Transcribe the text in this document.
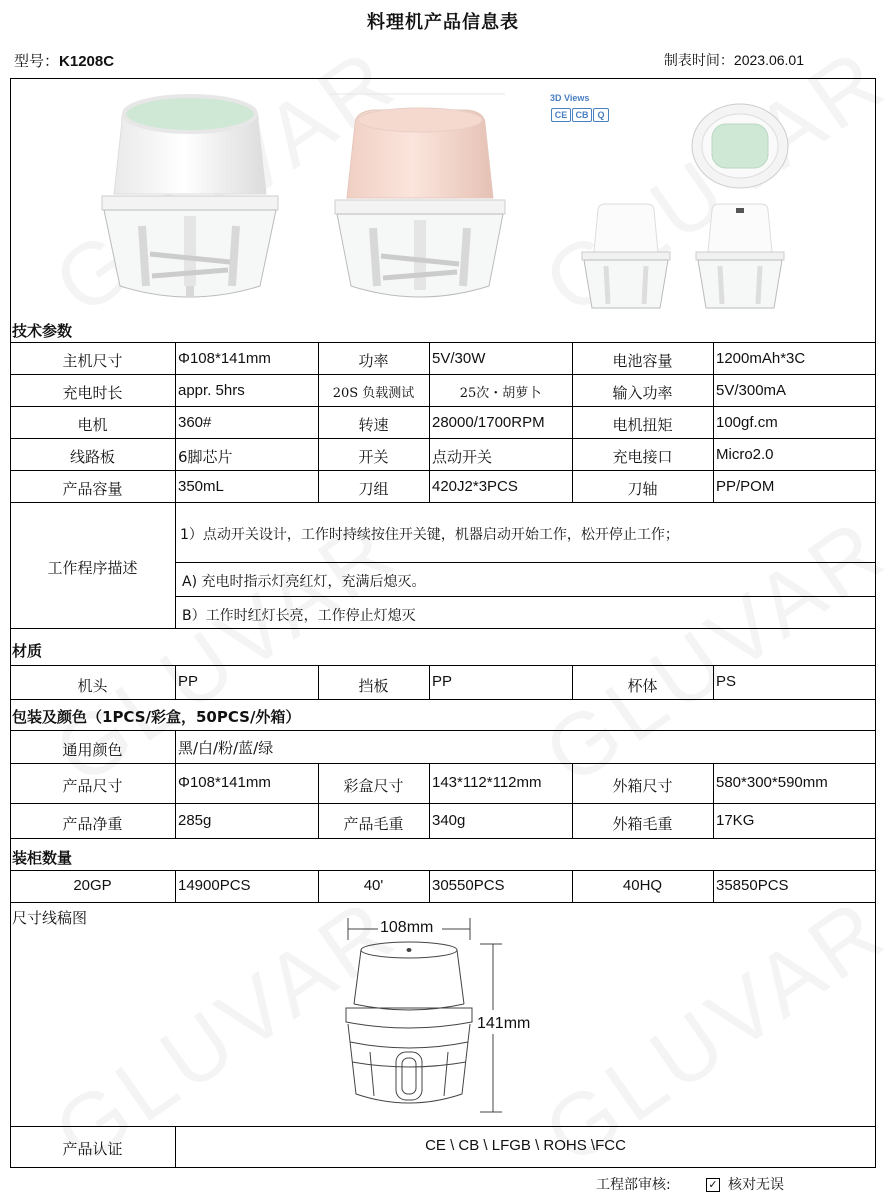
料理机产品信息表
型号：K1208C	制表时间：2023.06.01
3D Views
CE CB Q
技术参数
主机尺寸	Φ108*141mm	功率	5V/30W	电池容量	1200mAh*3C
充电时长	appr. 5hrs	20S 负载测试	25次・胡萝卜	输入功率	5V/300mA
电机	360#	转速	28000/1700RPM	电机扭矩	100gf.cm
线路板	6脚芯片	开关	点动开关	充电接口	Micro2.0
产品容量	350mL	刀组	420J2*3PCS	刀轴	PP/POM
工作程序描述
1）点动开关设计，工作时持续按住开关键，机器启动开始工作，松开停止工作；
A) 充电时指示灯亮红灯，充满后熄灭。
B）工作时红灯长亮，工作停止灯熄灭
材质
机头	PP	挡板	PP	杯体	PS
包装及颜色（1PCS/彩盒，50PCS/外箱）
通用颜色	黑/白/粉/蓝/绿
产品尺寸	Φ108*141mm	彩盒尺寸	143*112*112mm	外箱尺寸	580*300*590mm
产品净重	285g	产品毛重	340g	外箱毛重	17KG
装柜数量
20GP	14900PCS	40'	30550PCS	40HQ	35850PCS
尺寸线稿图
108mm
141mm
产品认证	CE \ CB \ LFGB \ ROHS \FCC
工程部审核:	✓ 核对无误
